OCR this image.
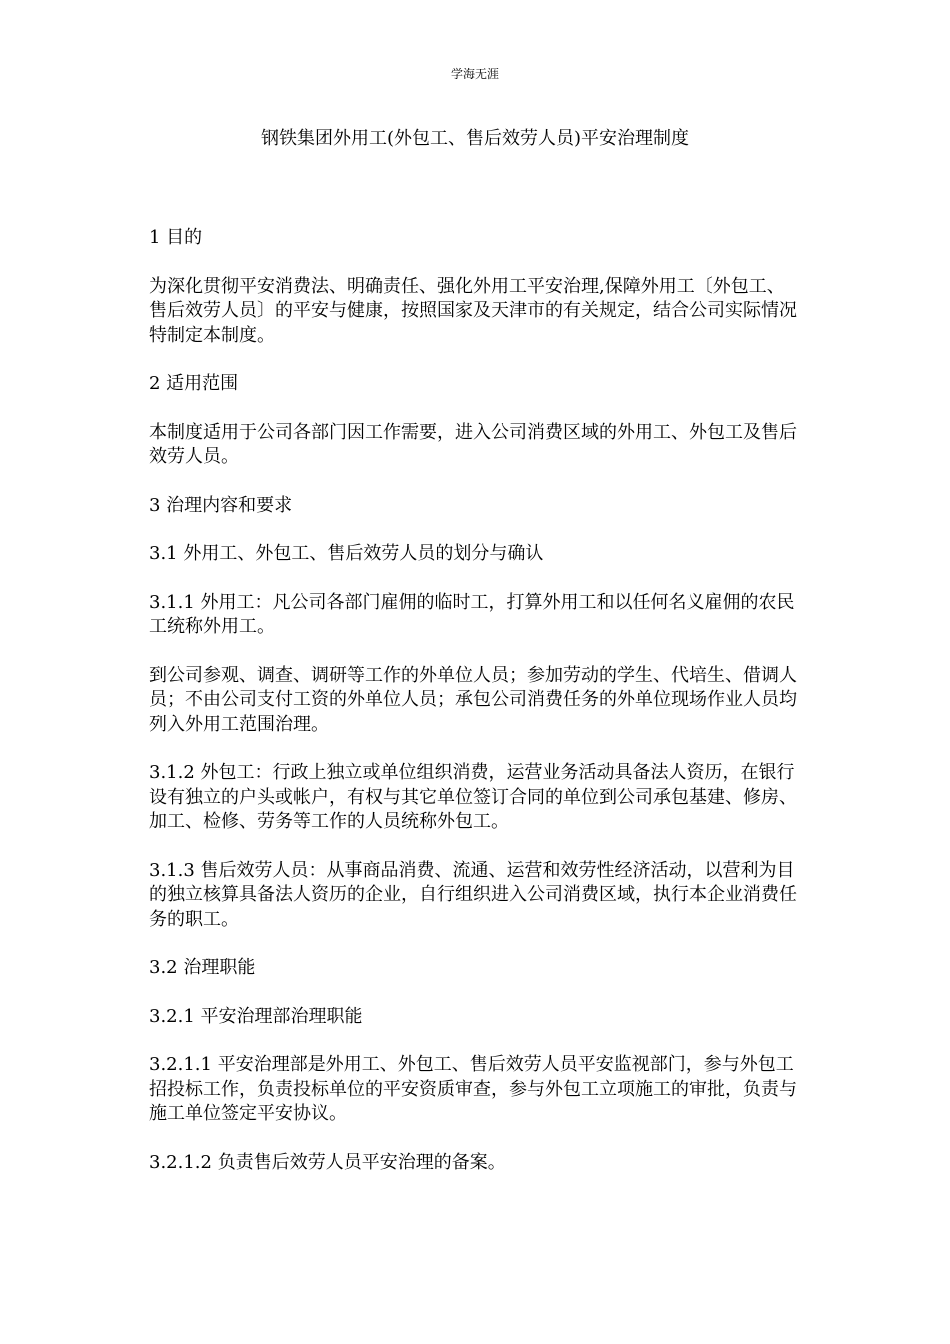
学海无涯
钢铁集团外用工(外包工、售后效劳人员)平安治理制度

1 目的

为深化贯彻平安消费法、明确责任、强化外用工平安治理,保障外用工〔外包工、售后效劳人员〕的平安与健康，按照国家及天津市的有关规定，结合公司实际情况特制定本制度。

2 适用范围

本制度适用于公司各部门因工作需要，进入公司消费区域的外用工、外包工及售后效劳人员。

3 治理内容和要求

3.1 外用工、外包工、售后效劳人员的划分与确认

3.1.1 外用工：凡公司各部门雇佣的临时工，打算外用工和以任何名义雇佣的农民工统称外用工。

到公司参观、调查、调研等工作的外单位人员；参加劳动的学生、代培生、借调人员；不由公司支付工资的外单位人员；承包公司消费任务的外单位现场作业人员均列入外用工范围治理。

3.1.2 外包工：行政上独立或单位组织消费，运营业务活动具备法人资历，在银行设有独立的户头或帐户，有权与其它单位签订合同的单位到公司承包基建、修房、加工、检修、劳务等工作的人员统称外包工。

3.1.3 售后效劳人员：从事商品消费、流通、运营和效劳性经济活动，以营利为目的独立核算具备法人资历的企业，自行组织进入公司消费区域，执行本企业消费任务的职工。

3.2 治理职能

3.2.1 平安治理部治理职能

3.2.1.1 平安治理部是外用工、外包工、售后效劳人员平安监视部门，参与外包工招投标工作，负责投标单位的平安资质审查，参与外包工立项施工的审批，负责与施工单位签定平安协议。

3.2.1.2 负责售后效劳人员平安治理的备案。
